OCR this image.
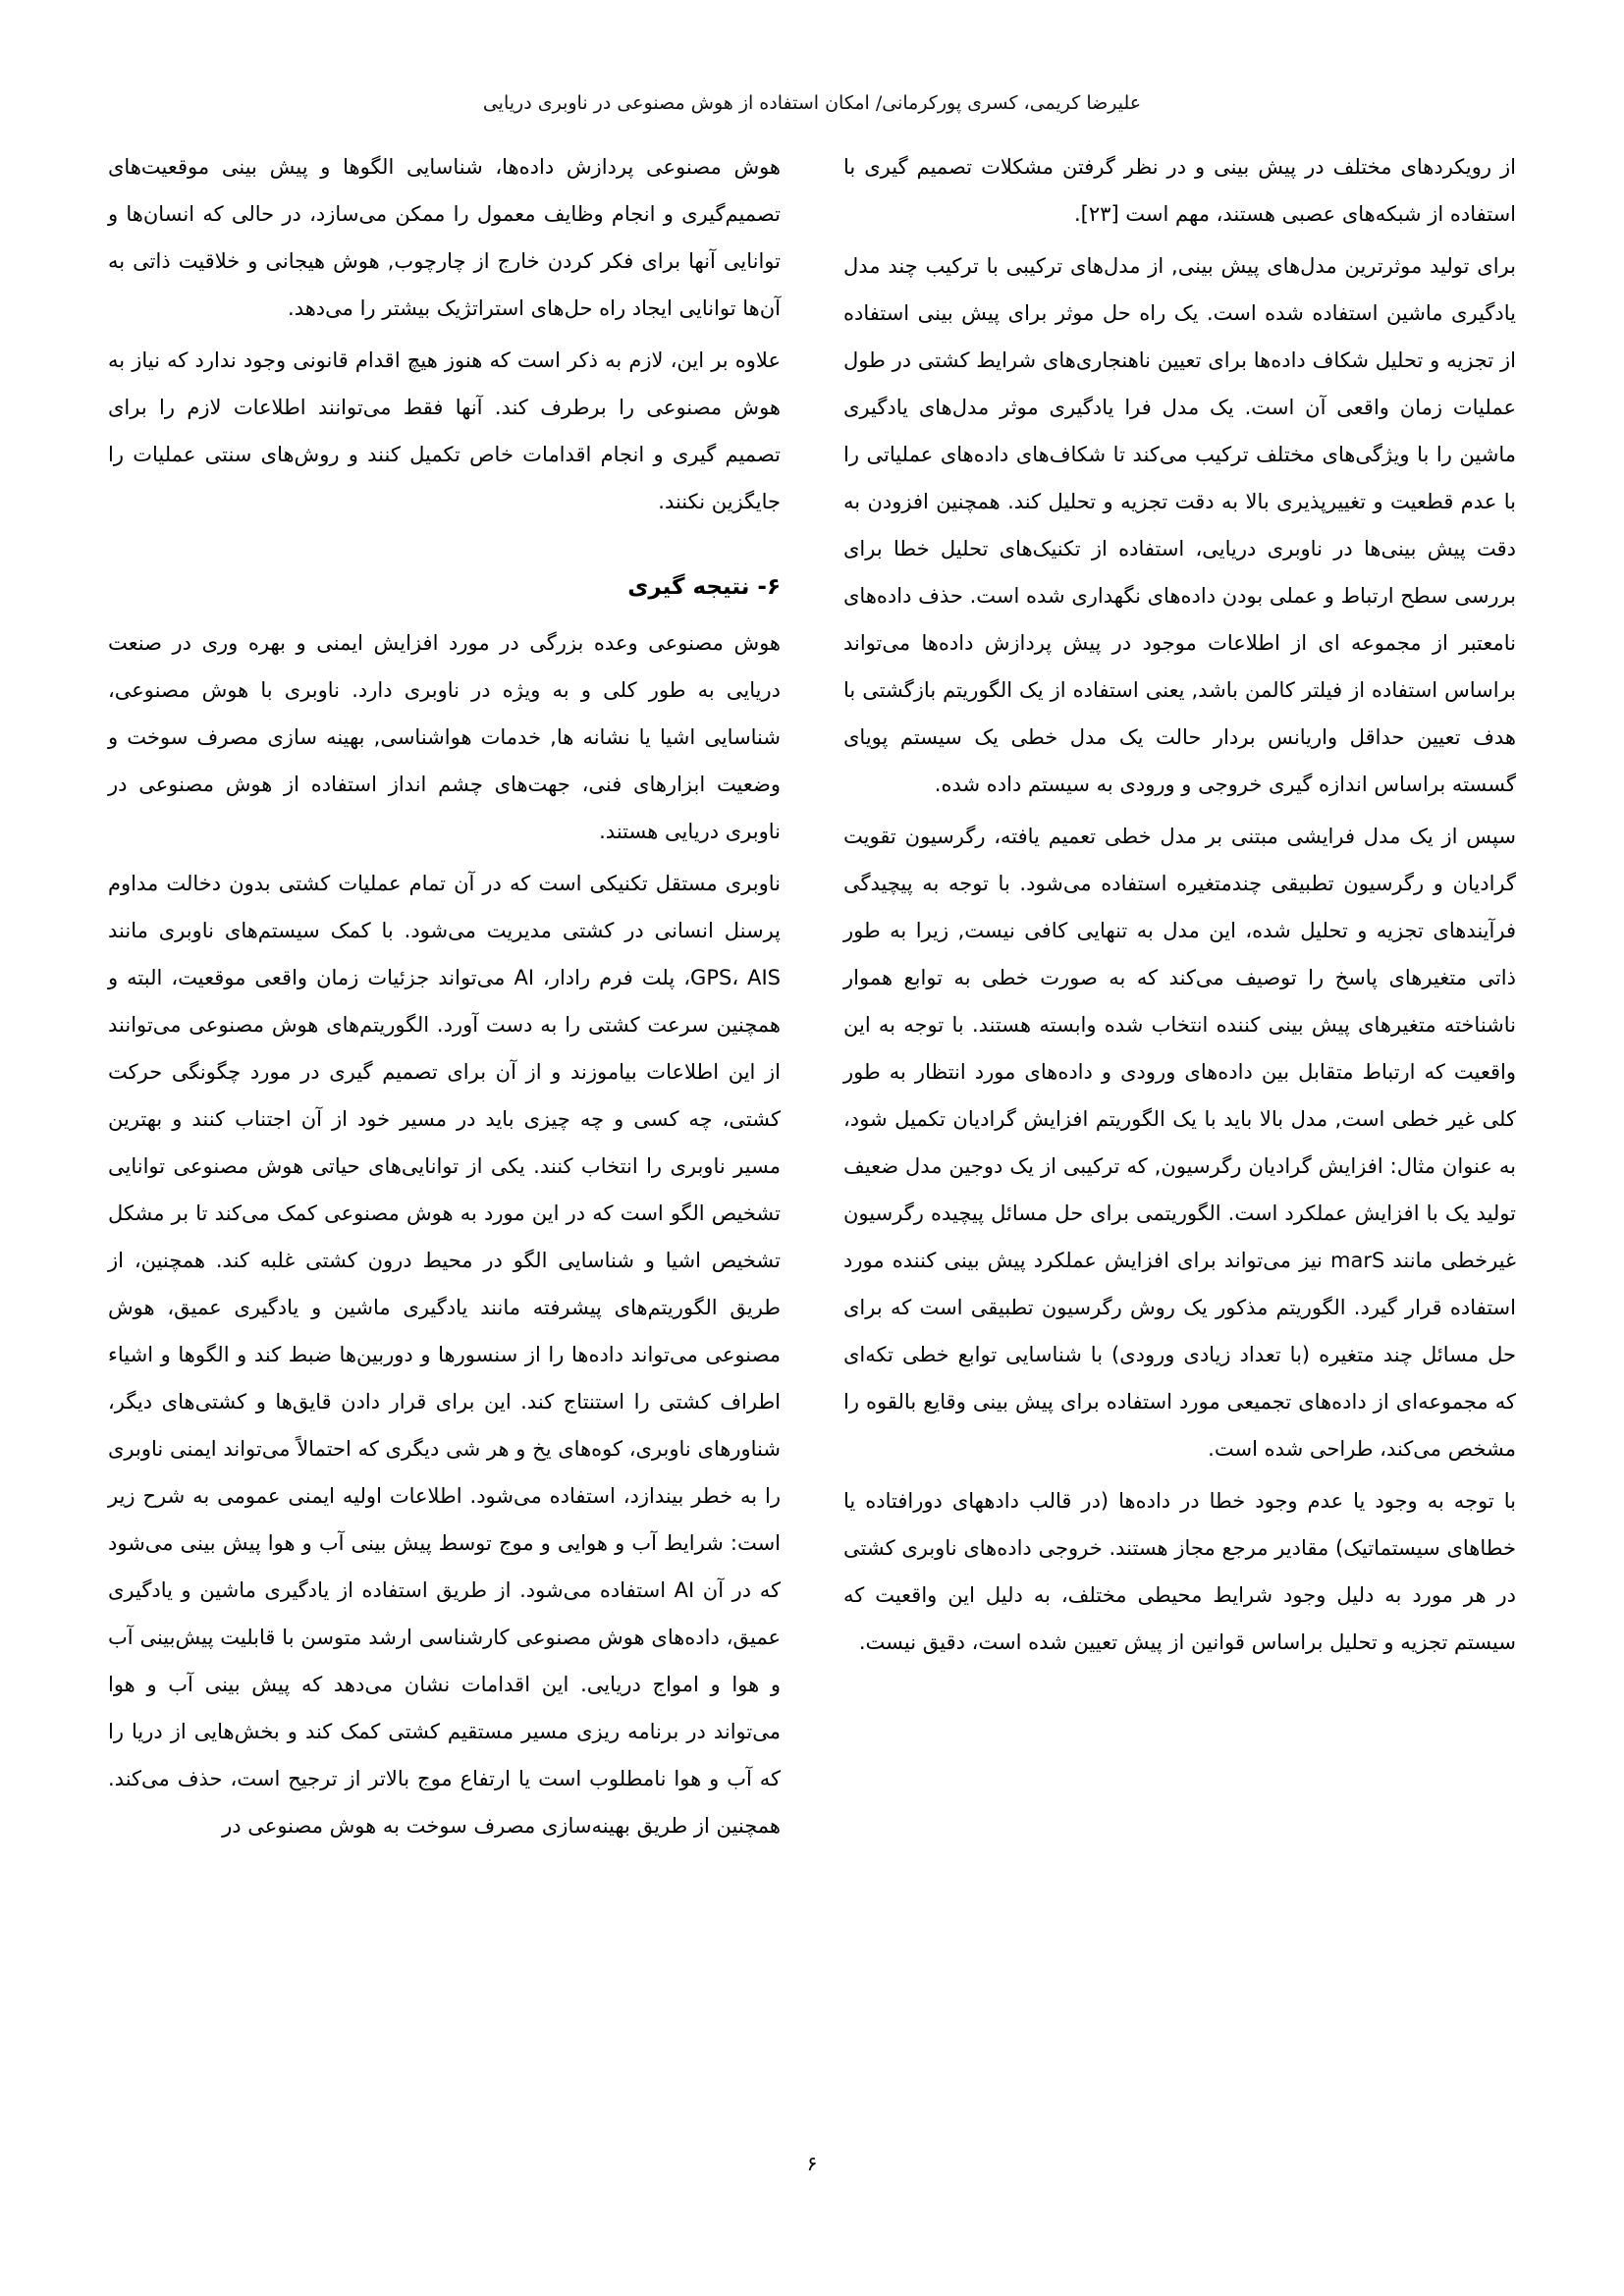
علیرضا کریمی، کسری پورکرمانی/ امکان استفاده از هوش مصنوعی در ناوبری دریایی

از رویکردهای مختلف در پیش بینی و در نظر گرفتن مشکلات تصمیم گیری با استفاده از شبکه‌های عصبی هستند، مهم است [۲۳].

برای تولید موثرترین مدل‌های پیش بینی, از مدل‌های ترکیبی با ترکیب چند مدل یادگیری ماشین استفاده شده است. یک راه حل موثر برای پیش بینی استفاده از تجزیه و تحلیل شکاف داده‌ها برای تعیین ناهنجاری‌های شرایط کشتی در طول عملیات زمان واقعی آن است. یک مدل فرا یادگیری موثر مدل‌های یادگیری ماشین را با ویژگی‌های مختلف ترکیب می‌کند تا شکاف‌های داده‌های عملیاتی را با عدم قطعیت و تغییرپذیری بالا به دقت تجزیه و تحلیل کند. همچنین افزودن به دقت پیش بینی‌ها در ناوبری دریایی، استفاده از تکنیک‌های تحلیل خطا برای بررسی سطح ارتباط و عملی بودن داده‌های نگهداری شده است. حذف داده‌های نامعتبر از مجموعه ای از اطلاعات موجود در پیش پردازش داده‌ها می‌تواند براساس استفاده از فیلتر کالمن باشد, یعنی استفاده از یک الگوریتم بازگشتی با هدف تعیین حداقل واریانس بردار حالت یک مدل خطی یک سیستم پویای گسسته براساس اندازه گیری خروجی و ورودی به سیستم داده شده.

سپس از یک مدل فرایشی مبتنی بر مدل خطی تعمیم یافته، رگرسیون تقویت گرادیان و رگرسیون تطبیقی چندمتغیره استفاده می‌شود. با توجه به پیچیدگی فرآیندهای تجزیه و تحلیل شده، این مدل به تنهایی کافی نیست, زیرا به طور ذاتی متغیرهای پاسخ را توصیف می‌کند که به صورت خطی به توابع هموار ناشناخته متغیرهای پیش بینی کننده انتخاب شده وابسته هستند. با توجه به این واقعیت که ارتباط متقابل بین داده‌های ورودی و داده‌های مورد انتظار به طور کلی غیر خطی است, مدل بالا باید با یک الگوریتم افزایش گرادیان تکمیل شود، به عنوان مثال: افزایش گرادیان رگرسیون, که ترکیبی از یک دوجین مدل ضعیف تولید یک با افزایش عملکرد است. الگوریتمی برای حل مسائل پیچیده رگرسیون غیرخطی مانند marS نیز می‌تواند برای افزایش عملکرد پیش بینی کننده مورد استفاده قرار گیرد. الگوریتم مذکور یک روش رگرسیون تطبیقی است که برای حل مسائل چند متغیره (با تعداد زیادی ورودی) با شناسایی توابع خطی تکه‌ای که مجموعه‌ای از داده‌های تجمیعی مورد استفاده برای پیش بینی وقایع بالقوه را مشخص می‌کند، طراحی شده است.

با توجه به وجود یا عدم وجود خطا در داده‌ها (در قالب دادههای دورافتاده یا خطاهای سیستماتیک) مقادیر مرجع مجاز هستند. خروجی داده‌های ناوبری کشتی در هر مورد به دلیل وجود شرایط محیطی مختلف، به دلیل این واقعیت که سیستم تجزیه و تحلیل براساس قوانین از پیش تعیین شده است، دقیق نیست.

هوش مصنوعی پردازش داده‌ها، شناسایی الگوها و پیش بینی موقعیت‌های تصمیم‌گیری و انجام وظایف معمول را ممکن می‌سازد، در حالی که انسان‌ها و توانایی آنها برای فکر کردن خارج از چارچوب, هوش هیجانی و خلاقیت ذاتی به آن‌ها توانایی ایجاد راه حل‌های استراتژیک بیشتر را می‌دهد.

علاوه بر این، لازم به ذکر است که هنوز هیچ اقدام قانونی وجود ندارد که نیاز به هوش مصنوعی را برطرف کند. آنها فقط می‌توانند اطلاعات لازم را برای تصمیم گیری و انجام اقدامات خاص تکمیل کنند و روش‌های سنتی عملیات را جایگزین نکنند.

۶- نتیجه گیری

هوش مصنوعی وعده بزرگی در مورد افزایش ایمنی و بهره وری در صنعت دریایی به طور کلی و به ویژه در ناوبری دارد. ناوبری با هوش مصنوعی، شناسایی اشیا یا نشانه ها, خدمات هواشناسی, بهینه سازی مصرف سوخت و وضعیت ابزارهای فنی، جهت‌های چشم انداز استفاده از هوش مصنوعی در ناوبری دریایی هستند.

ناوبری مستقل تکنیکی است که در آن تمام عملیات کشتی بدون دخالت مداوم پرسنل انسانی در کشتی مدیریت می‌شود. با کمک سیستم‌های ناوبری مانند GPS، AIS، پلت فرم رادار، AI می‌تواند جزئیات زمان واقعی موقعیت، البته و همچنین سرعت کشتی را به دست آورد. الگوریتم‌های هوش مصنوعی می‌توانند از این اطلاعات بیاموزند و از آن برای تصمیم گیری در مورد چگونگی حرکت کشتی، چه کسی و چه چیزی باید در مسیر خود از آن اجتناب کنند و بهترین مسیر ناوبری را انتخاب کنند. یکی از توانایی‌های حیاتی هوش مصنوعی توانایی تشخیص الگو است که در این مورد به هوش مصنوعی کمک می‌کند تا بر مشکل تشخیص اشیا و شناسایی الگو در محیط درون کشتی غلبه کند. همچنین، از طریق الگوریتم‌های پیشرفته مانند یادگیری ماشین و یادگیری عمیق، هوش مصنوعی می‌تواند داده‌ها را از سنسورها و دوربین‌ها ضبط کند و الگوها و اشیاء اطراف کشتی را استنتاج کند. این برای قرار دادن قایق‌ها و کشتی‌های دیگر، شناورهای ناوبری، کوه‌های یخ و هر شی دیگری که احتمالاً می‌تواند ایمنی ناوبری را به خطر بیندازد، استفاده می‌شود. اطلاعات اولیه ایمنی عمومی به شرح زیر است: شرایط آب و هوایی و موج توسط پیش بینی آب و هوا پیش بینی می‌شود که در آن AI استفاده می‌شود. از طریق استفاده از یادگیری ماشین و یادگیری عمیق، داده‌های هوش مصنوعی کارشناسی ارشد متوسن با قابلیت پیش‌بینی آب و هوا و امواج دریایی. این اقدامات نشان می‌دهد که پیش بینی آب و هوا می‌تواند در برنامه ریزی مسیر مستقیم کشتی کمک کند و بخش‌هایی از دریا را که آب و هوا نامطلوب است یا ارتفاع موج بالاتر از ترجیح است، حذف می‌کند. همچنین از طریق بهینه‌سازی مصرف سوخت به هوش مصنوعی در

۶
